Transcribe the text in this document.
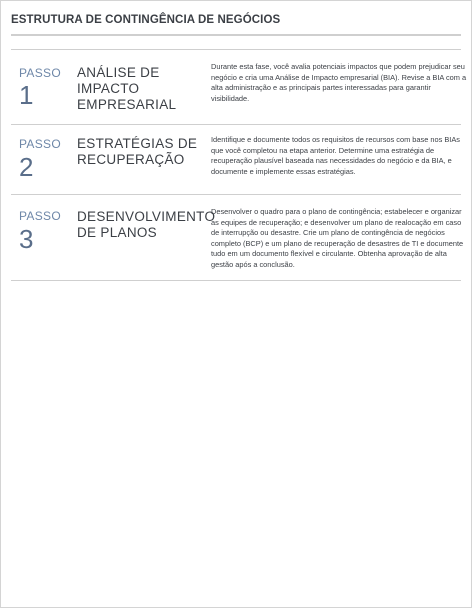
ESTRUTURA DE CONTINGÊNCIA DE NEGÓCIOS
PASSO
1
ANÁLISE DE IMPACTO EMPRESARIAL
Durante esta fase, você avalia potenciais impactos que podem prejudicar seu negócio e cria uma Análise de Impacto empresarial (BIA). Revise a BIA com a alta administração e as principais partes interessadas para garantir visibilidade.
PASSO
2
ESTRATÉGIAS DE RECUPERAÇÃO
Identifique e documente todos os requisitos de recursos com base nos BIAs que você completou na etapa anterior. Determine uma estratégia de recuperação plausível baseada nas necessidades do negócio e da BIA, e documente e implemente essas estratégias.
PASSO
3
DESENVOLVIMENTO DE PLANOS
Desenvolver o quadro para o plano de contingência; estabelecer e organizar as equipes de recuperação; e desenvolver um plano de realocação em caso de interrupção ou desastre. Crie um plano de contingência de negócios completo (BCP) e um plano de recuperação de desastres de TI e documente tudo em um documento flexível e circulante. Obtenha aprovação de alta gestão após a conclusão.
